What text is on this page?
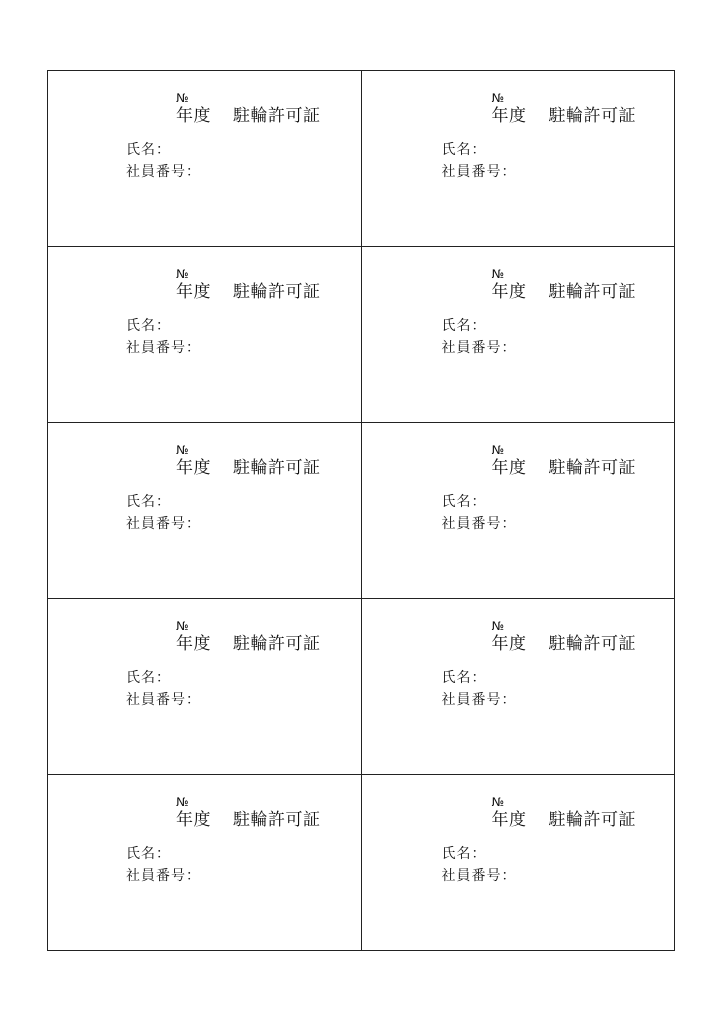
№
年度 駐輪許可証
氏名：
社員番号：
№
年度 駐輪許可証
氏名：
社員番号：
№
年度 駐輪許可証
氏名：
社員番号：
№
年度 駐輪許可証
氏名：
社員番号：
№
年度 駐輪許可証
氏名：
社員番号：
№
年度 駐輪許可証
氏名：
社員番号：
№
年度 駐輪許可証
氏名：
社員番号：
№
年度 駐輪許可証
氏名：
社員番号：
№
年度 駐輪許可証
氏名：
社員番号：
№
年度 駐輪許可証
氏名：
社員番号：
